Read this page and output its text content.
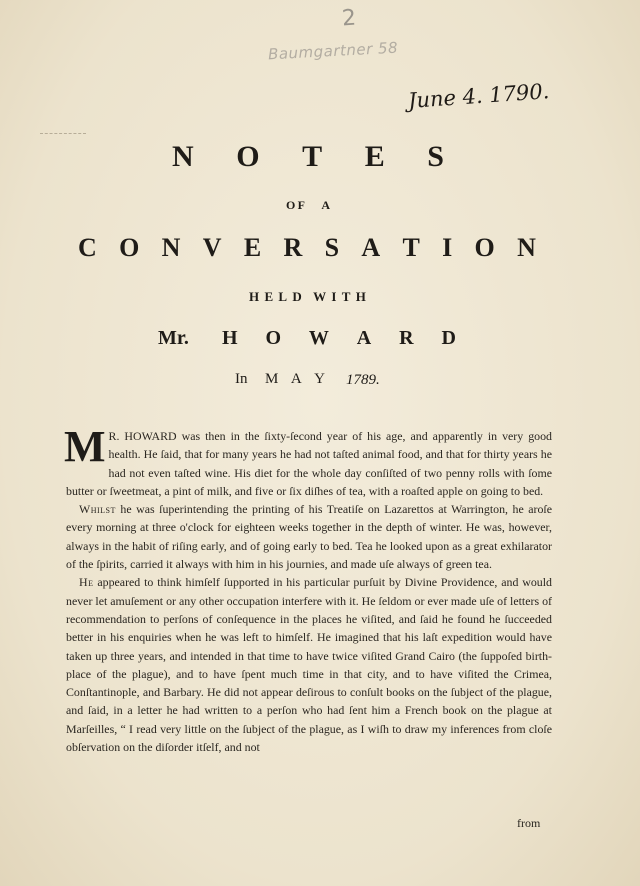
2
Baumgartner 58
June 4. 1790.
N O T E S
O F A
C O N V E R S A T I O N
H E L D W I T H
Mr. H O W A R D
In M A Y 1789.

M R. HOWARD was then in the ſixty-ſecond year of his age, and apparently in very good health. He ſaid, that for many years he had not taſted animal food, and that for thirty years he had not even taſted wine. His diet for the whole day conſiſted of two penny rolls with ſome butter or ſweetmeat, a pint of milk, and five or ſix diſhes of tea, with a roaſted apple on going to bed.

Whilst he was ſuperintending the printing of his Treatiſe on Lazarettos at Warrington, he aroſe every morning at three o'clock for eighteen weeks together in the depth of winter. He was, however, always in the habit of riſing early, and of going early to bed. Tea he looked upon as a great exhilarator of the ſpirits, carried it always with him in his journies, and made uſe always of green tea.

He appeared to think himſelf ſupported in his particular purſuit by Divine Providence, and would never let amuſement or any other occupation interfere with it. He ſeldom or ever made uſe of letters of recommendation to perſons of conſequence in the places he viſited, and ſaid he found he ſucceeded better in his enquiries when he was left to himſelf. He imagined that his laſt expedition would have taken up three years, and intended in that time to have twice viſited Grand Cairo (the ſuppoſed birth-place of the plague), and to have ſpent much time in that city, and to have viſited the Crimea, Conſtantinople, and Barbary. He did not appear deſirous to conſult books on the ſubject of the plague, and ſaid, in a letter he had written to a perſon who had ſent him a French book on the plague at Marſeilles, “ I read very little on the ſubject of the plague, as I wiſh to draw my inferences from cloſe obſervation on the diſorder itſelf, and not

from
